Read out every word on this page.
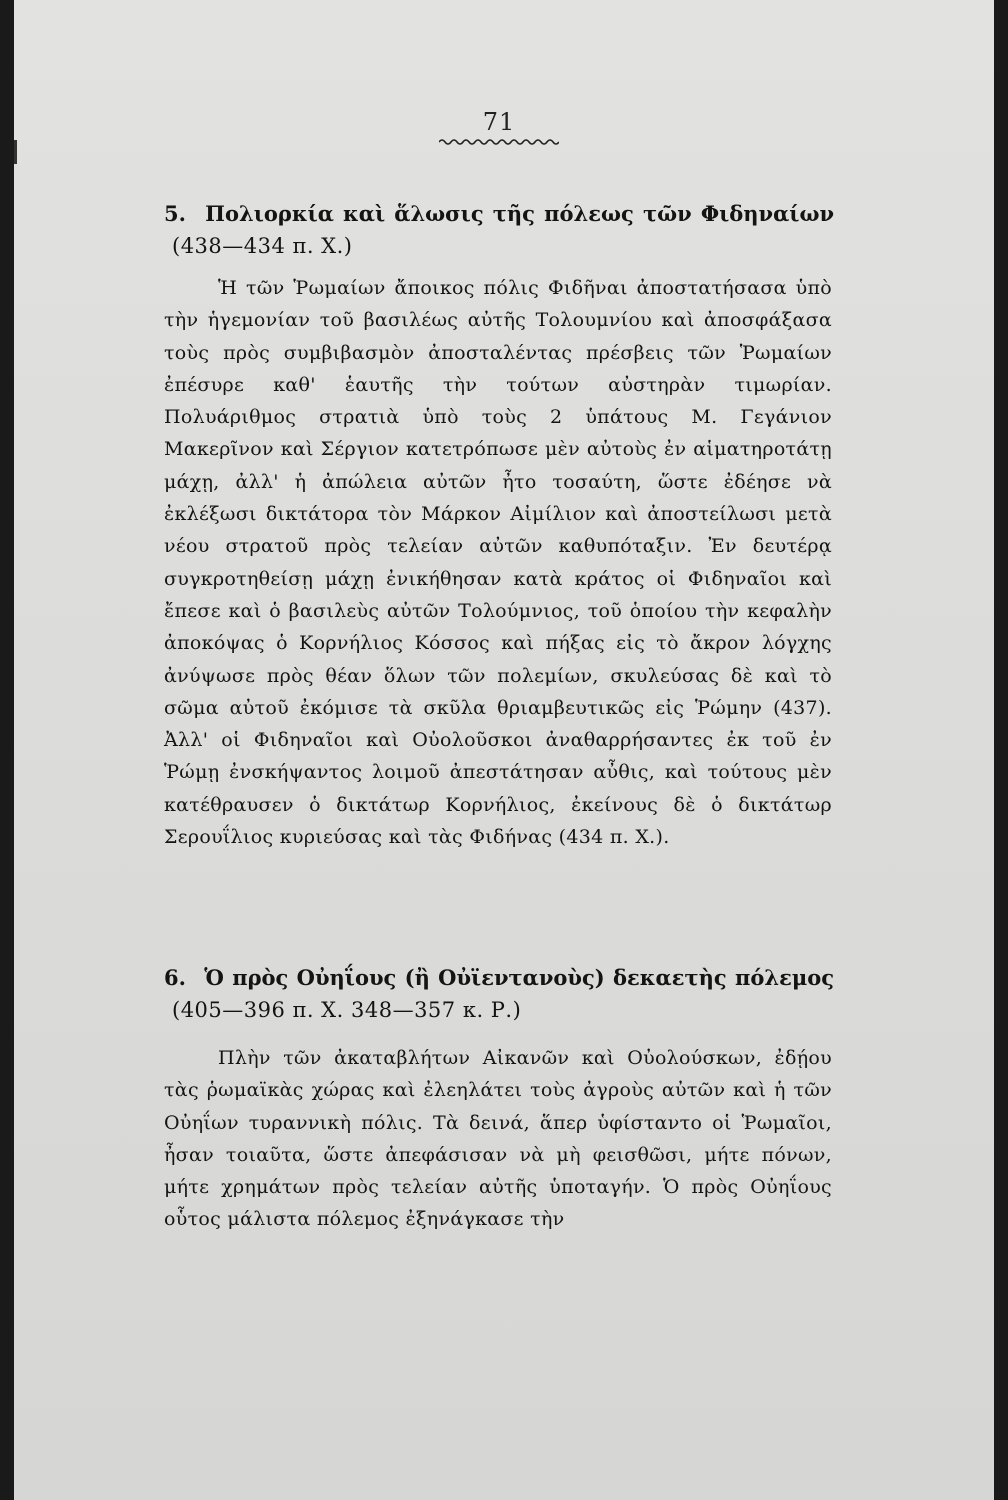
71
5. Πολιορκία καὶ ἅλωσις τῆς πόλεως τῶν Φιδηναίων (438—434 π. Χ.)

Ἡ τῶν Ῥωμαίων ἄποικος πόλις Φιδῆναι ἀποστατήσασα ὑπὸ τὴν ἡγεμονίαν τοῦ βασιλέως αὐτῆς Τολουμνίου καὶ ἀποσφάξασα τοὺς πρὸς συμβιβασμὸν ἀποσταλέντας πρέσβεις τῶν Ῥωμαίων ἐπέσυρε καθ' ἑαυτῆς τὴν τούτων αὐστηρὰν τιμωρίαν. Πολυάριθμος στρατιὰ ὑπὸ τοὺς 2 ὑπάτους Μ. Γεγάνιον Μακερῖνον καὶ Σέργιον κατετρόπωσε μὲν αὐτοὺς ἐν αἱματηροτάτῃ μάχῃ, ἀλλ' ἡ ἀπώλεια αὐτῶν ἦτο τοσαύτη, ὥστε ἐδέησε νὰ ἐκλέξωσι δικτάτορα τὸν Μάρκον Αἰμίλιον καὶ ἀποστείλωσι μετὰ νέου στρατοῦ πρὸς τελείαν αὐτῶν καθυπόταξιν. Ἐν δευτέρᾳ συγκροτηθείσῃ μάχῃ ἐνικήθησαν κατὰ κράτος οἱ Φιδηναῖοι καὶ ἔπεσε καὶ ὁ βασιλεὺς αὐτῶν Τολούμνιος, τοῦ ὁποίου τὴν κεφαλὴν ἀποκόψας ὁ Κορνήλιος Κόσσος καὶ πήξας εἰς τὸ ἄκρον λόγχης ἀνύψωσε πρὸς θέαν ὅλων τῶν πολεμίων, σκυλεύσας δὲ καὶ τὸ σῶμα αὐτοῦ ἐκόμισε τὰ σκῦλα θριαμβευτικῶς εἰς Ῥώμην (437). Ἀλλ' οἱ Φιδηναῖοι καὶ Οὐολοῦσκοι ἀναθαρρήσαντες ἐκ τοῦ ἐν Ῥώμῃ ἐνσκήψαντος λοιμοῦ ἀπεστάτησαν αὖθις, καὶ τούτους μὲν κατέθραυσεν ὁ δικτάτωρ Κορνήλιος, ἐκείνους δὲ ὁ δικτάτωρ Σερουΐλιος κυριεύσας καὶ τὰς Φιδήνας (434 π. Χ.).

6. Ὁ πρὸς Οὐηΐους (ἢ Οὐϊεντανοὺς) δεκαετὴς πόλεμος (405—396 π. Χ. 348—357 κ. Ρ.)

Πλὴν τῶν ἀκαταβλήτων Αἰκανῶν καὶ Οὐολούσκων, ἐδῄου τὰς ῥωμαϊκὰς χώρας καὶ ἐλεηλάτει τοὺς ἀγροὺς αὐτῶν καὶ ἡ τῶν Οὐηΐων τυραννικὴ πόλις. Τὰ δεινά, ἅπερ ὑφίσταντο οἱ Ῥωμαῖοι, ἦσαν τοιαῦτα, ὥστε ἀπεφάσισαν νὰ μὴ φεισθῶσι, μήτε πόνων, μήτε χρημάτων πρὸς τελείαν αὐτῆς ὑποταγήν. Ὁ πρὸς Οὐηΐους οὗτος μάλιστα πόλεμος ἐξηνάγκασε τὴν
